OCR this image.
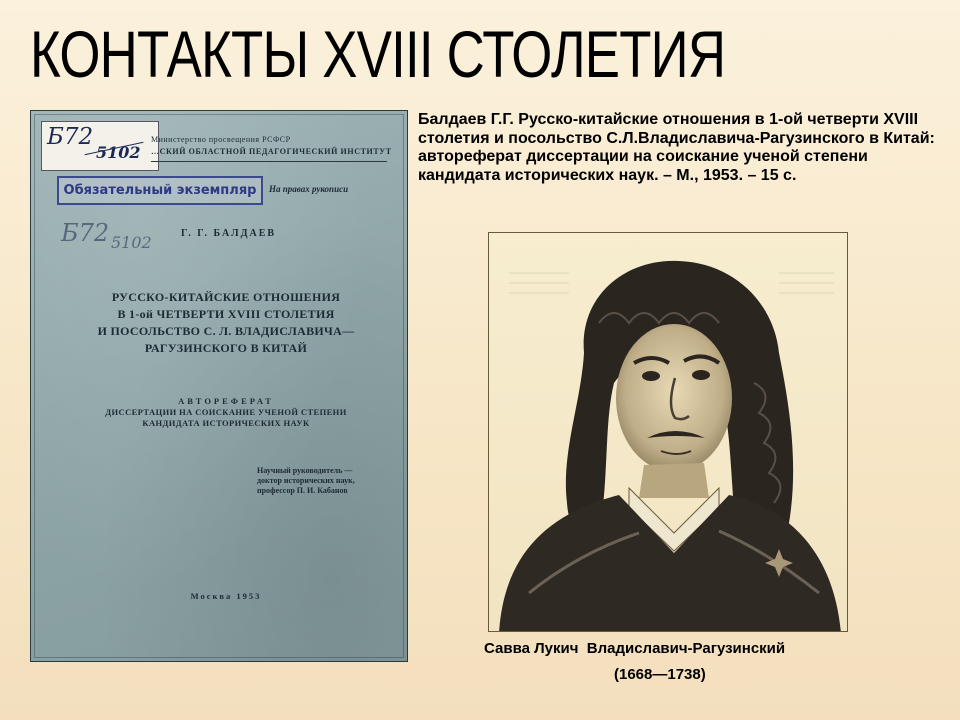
КОНТАКТЫ XVIII СТОЛЕТИЯ
Б72
5102
Министерство просвещения РСФСР
…СКИЙ ОБЛАСТНОЙ ПЕДАГОГИЧЕСКИЙ ИНСТИТУТ
Обязательный экземпляр	На правах рукописи
Б72 5102	Г. Г. БАЛДАЕВ
РУССКО-КИТАЙСКИЕ ОТНОШЕНИЯ
В 1-ой ЧЕТВЕРТИ XVIII СТОЛЕТИЯ
И ПОСОЛЬСТВО С. Л. ВЛАДИСЛАВИЧА—
РАГУЗИНСКОГО В КИТАЙ
АВТОРЕФЕРАТ
ДИССЕРТАЦИИ НА СОИСКАНИЕ УЧЕНОЙ СТЕПЕНИ
КАНДИДАТА ИСТОРИЧЕСКИХ НАУК
Научный руководитель —
доктор исторических наук,
профессор П. И. Кабанов
Москва 1953
Балдаев Г.Г. Русско-китайские отношения в 1-ой четверти XVIII столетия и посольство С.Л.Владиславича-Рагузинского в Китай: автореферат диссертации на соискание ученой степени кандидата исторических наук. – М., 1953. – 15 с.
Савва Лукич  Владиславич-Рагузинский
(1668—1738)
